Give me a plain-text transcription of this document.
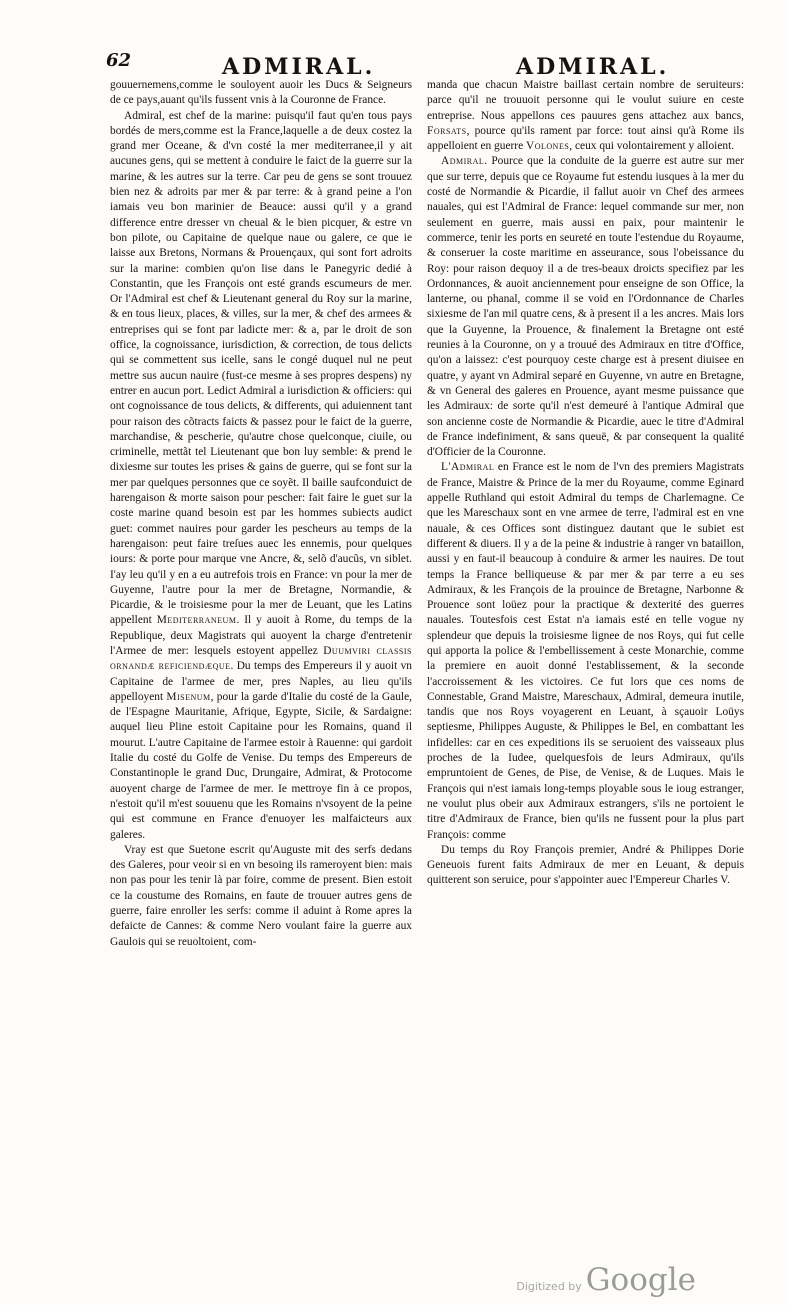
62	ADMIRAL.	ADMIRAL.

gouuernemens,comme le souloyent auoir les Ducs & Seigneurs de ce pays,auant qu'ils fussent vnis à la Couronne de France.

Admiral, est chef de la marine: puisqu'il faut qu'en tous pays bordés de mers,comme est la France,laquelle a de deux costez la grand mer Oceane, & d'vn costé la mer mediterranee,il y ait aucunes gens, qui se mettent à conduire le faict de la guerre sur la marine, & les autres sur la terre. Car peu de gens se sont trouuez bien nez & adroits par mer & par terre: & à grand peine a l'on iamais veu bon marinier de Beauce: aussi qu'il y a grand difference entre dresser vn cheual & le bien picquer, & estre vn bon pilote, ou Capitaine de quelque naue ou galere, ce que ie laisse aux Bretons, Normans & Prouençaux, qui sont fort adroits sur la marine: combien qu'on lise dans le Panegyric dedié à Constantin, que les François ont esté grands escumeurs de mer. Or l'Admiral est chef & Lieutenant general du Roy sur la marine, & en tous lieux, places, & villes, sur la mer, & chef des armees & entreprises qui se font par ladicte mer: & a, par le droit de son office, la cognoissance, iurisdiction, & correction, de tous delicts qui se commettent sus icelle, sans le congé duquel nul ne peut mettre sus aucun nauire (fust-ce mesme à ses propres despens) ny entrer en aucun port. Ledict Admiral a iurisdiction & officiers: qui ont cognoissance de tous delicts, & differents, qui aduiennent tant pour raison des cõtracts faicts & passez pour le faict de la guerre, marchandise, & pescherie, qu'autre chose quelconque, ciuile, ou criminelle, mettãt tel Lieutenant que bon luy semble: & prend le dixiesme sur toutes les prises & gains de guerre, qui se font sur la mer par quelques personnes que ce soyẽt. Il baille saufconduict de harengaison & morte saison pour pescher: fait faire le guet sur la coste marine quand besoin est par les hommes subiects audict guet: commet nauires pour garder les pescheurs au temps de la harengaison: peut faire treſues auec les ennemis, pour quelques iours: & porte pour marque vne Ancre, &, selõ d'aucũs, vn siblet. I'ay leu qu'il y en a eu autrefois trois en France: vn pour la mer de Guyenne, l'autre pour la mer de Bretagne, Normandie, & Picardie, & le troisiesme pour la mer de Leuant, que les Latins appellent Mediterraneum. Il y auoit à Rome, du temps de la Republique, deux Magistrats qui auoyent la charge d'entretenir l'Armee de mer: lesquels estoyent appellez Duumviri classis ornandæ reficiendæque. Du temps des Empereurs il y auoit vn Capitaine de l'armee de mer, pres Naples, au lieu qu'ils appelloyent Misenum, pour la garde d'Italie du costé de la Gaule, de l'Espagne Mauritanie, Afrique, Egypte, Sicile, & Sardaigne: auquel lieu Pline estoit Capitaine pour les Romains, quand il mourut. L'autre Capitaine de l'armee estoir à Rauenne: qui gardoit Italie du costé du Golfe de Venise. Du temps des Empereurs de Constantinople le grand Duc, Drungaire, Admirat, & Protocome auoyent charge de l'armee de mer. Ie mettroye fin à ce propos, n'estoit qu'il m'est souuenu que les Romains n'vsoyent de la peine qui est commune en France d'enuoyer les malfaicteurs aux galeres.

Vray est que Suetone escrit qu'Auguste mit des serfs dedans des Galeres, pour veoir si en vn besoing ils rameroyent bien: mais non pas pour les tenir là par foire, comme de present. Bien estoit ce la coustume des Romains, en faute de trouuer autres gens de guerre, faire enroller les serfs: comme il aduint à Rome apres la defaicte de Cannes: & comme Nero voulant faire la guerre aux Gaulois qui se reuoltoient, com-

manda que chacun Maistre baillast certain nombre de seruiteurs: parce qu'il ne trouuoit personne qui le voulut suiure en ceste entreprise. Nous appellons ces pauures gens attachez aux bancs, Forsats, pource qu'ils rament par force: tout ainsi qu'à Rome ils appelloient en guerre Volones, ceux qui volontairement y alloient.

Admiral. Pource que la conduite de la guerre est autre sur mer que sur terre, depuis que ce Royaume fut estendu iusques à la mer du costé de Normandie & Picardie, il fallut auoir vn Chef des armees nauales, qui est l'Admiral de France: lequel commande sur mer, non seulement en guerre, mais aussi en paix, pour maintenir le commerce, tenir les ports en seureté en toute l'estendue du Royaume, & conseruer la coste maritime en asseurance, sous l'obeissance du Roy: pour raison dequoy il a de tres-beaux droicts specifiez par les Ordonnances, & auoit anciennement pour enseigne de son Office, la lanterne, ou phanal, comme il se void en l'Ordonnance de Charles sixiesme de l'an mil quatre cens, & à present il a les ancres. Mais lors que la Guyenne, la Prouence, & finalement la Bretagne ont esté reunies à la Couronne, on y a trouué des Admiraux en titre d'Office, qu'on a laissez: c'est pourquoy ceste charge est à present diuisee en quatre, y ayant vn Admiral separé en Guyenne, vn autre en Bretagne, & vn General des galeres en Prouence, ayant mesme puissance que les Admiraux: de sorte qu'il n'est demeuré à l'antique Admiral que son ancienne coste de Normandie & Picardie, auec le titre d'Admiral de France indefiniment, & sans queuë, & par consequent la qualité d'Officier de la Couronne.

L'Admiral en France est le nom de l'vn des premiers Magistrats de France, Maistre & Prince de la mer du Royaume, comme Eginard appelle Ruthland qui estoit Admiral du temps de Charlemagne. Ce que les Mareschaux sont en vne armee de terre, l'admiral est en vne nauale, & ces Offices sont distinguez dautant que le subiet est different & diuers. Il y a de la peine & industrie à ranger vn bataillon, aussi y en faut-il beaucoup à conduire & armer les nauires. De tout temps la France belliqueuse & par mer & par terre a eu ses Admiraux, & les François de la prouince de Bretagne, Narbonne & Prouence sont loüez pour la practique & dexterité des guerres nauales. Toutesfois cest Estat n'a iamais esté en telle vogue ny splendeur que depuis la troisiesme lignee de nos Roys, qui fut celle qui apporta la police & l'embellissement à ceste Monarchie, comme la premiere en auoit donné l'establissement, & la seconde l'accroissement & les victoires. Ce fut lors que ces noms de Connestable, Grand Maistre, Mareschaux, Admiral, demeura inutile, tandis que nos Roys voyagerent en Leuant, à sçauoir Loüys septiesme, Philippes Auguste, & Philippes le Bel, en combattant les infidelles: car en ces expeditions ils se seruoient des vaisseaux plus proches de la Iudee, quelquesfois de leurs Admiraux, qu'ils empruntoient de Genes, de Pise, de Venise, & de Luques. Mais le François qui n'est iamais long-temps ployable sous le ioug estranger, ne voulut plus obeir aux Admiraux estrangers, s'ils ne portoient le titre d'Admiraux de France, bien qu'ils ne fussent pour la plus part François: comme

Du temps du Roy François premier, André & Philippes Dorie Geneuois furent faits Admiraux de mer en Leuant, & depuis quitterent son seruice, pour s'appointer auec l'Empereur Charles V.

Digitized by Google
